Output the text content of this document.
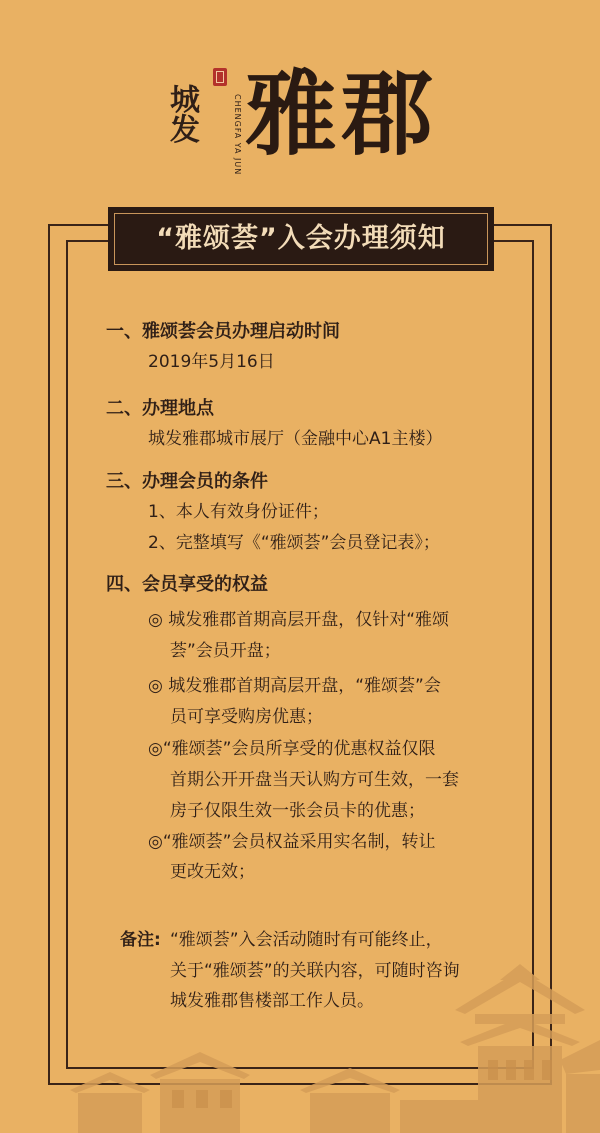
城
发	CHENGFA YA JUN 雅郡
“雅颂荟”入会办理须知
一、雅颂荟会员办理启动时间
2019年5月16日
二、办理地点
城发雅郡城市展厅（金融中心A1主楼）
三、办理会员的条件
1、本人有效身份证件；
2、完整填写《“雅颂荟”会员登记表》；
四、会员享受的权益
◎ 城发雅郡首期高层开盘，仅针对“雅颂
荟”会员开盘；
◎ 城发雅郡首期高层开盘，“雅颂荟”会
员可享受购房优惠；
◎“雅颂荟”会员所享受的优惠权益仅限
首期公开开盘当天认购方可生效，一套
房子仅限生效一张会员卡的优惠；
◎“雅颂荟”会员权益采用实名制，转让
更改无效；
备注: “雅颂荟”入会活动随时有可能终止，
关于“雅颂荟”的关联内容，可随时咨询
城发雅郡售楼部工作人员。
